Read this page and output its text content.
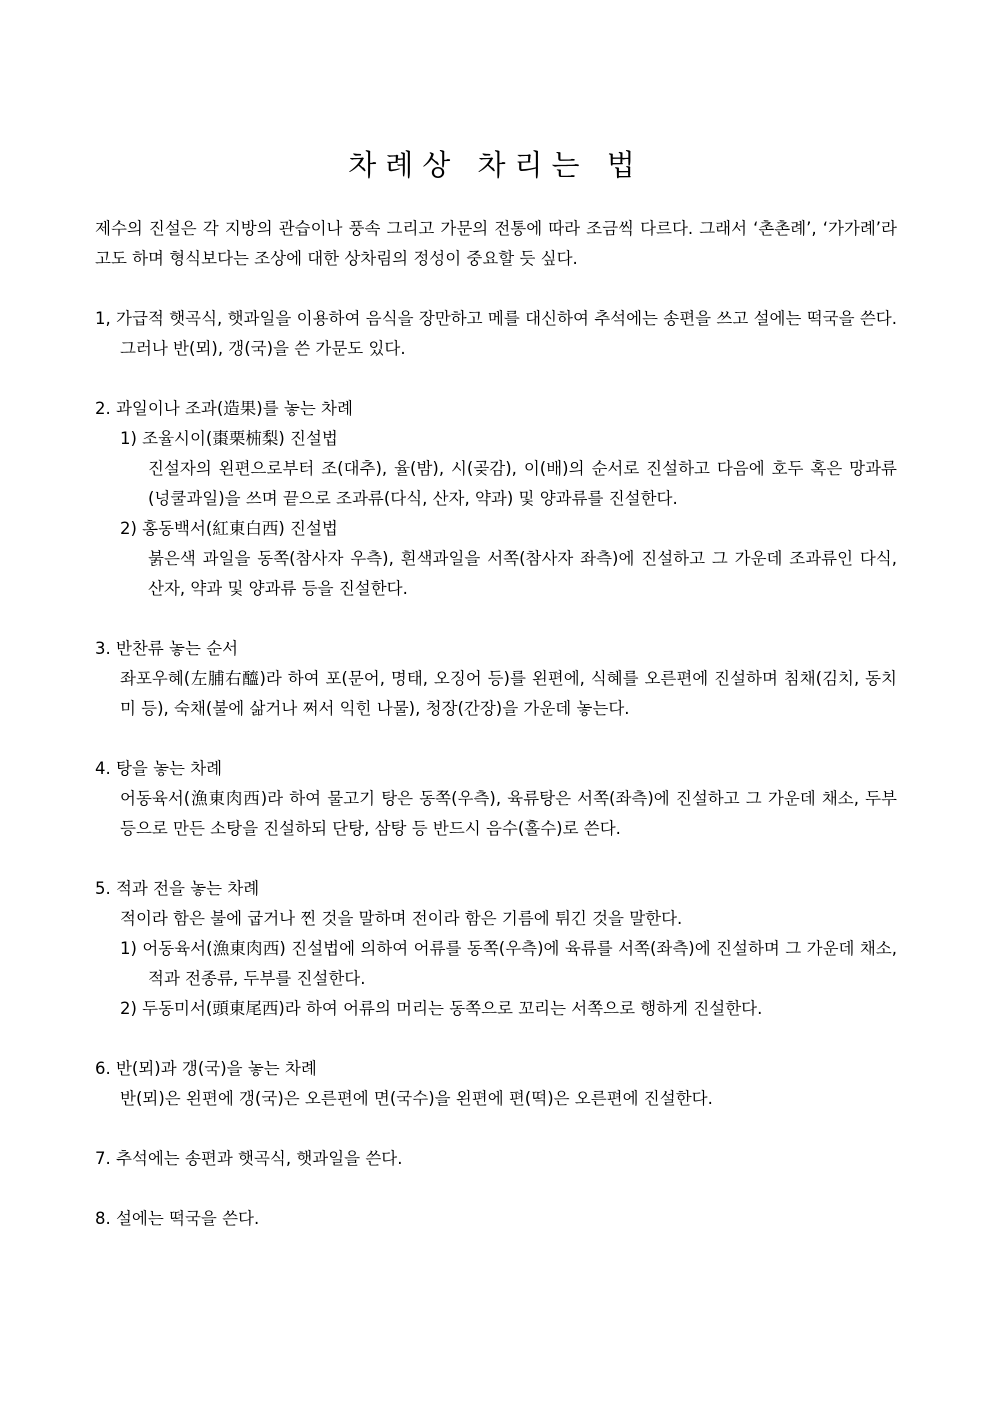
차례상 차리는 법

제수의 진설은 각 지방의 관습이나 풍속 그리고 가문의 전통에 따라 조금씩 다르다. 그래서 ‘촌촌례’, ‘가가례’라고도 하며 형식보다는 조상에 대한 상차림의 정성이 중요할 듯 싶다.

1, 가급적 햇곡식, 햇과일을 이용하여 음식을 장만하고 메를 대신하여 추석에는 송편을 쓰고 설에는 떡국을 쓴다. 그러나 반(뫼), 갱(국)을 쓴 가문도 있다.
2. 과일이나 조과(造果)를 놓는 차례
1) 조율시이(棗栗枾梨) 진설법
진설자의 왼편으로부터 조(대추), 율(밤), 시(곶감), 이(배)의 순서로 진설하고 다음에 호두 혹은 망과류(넝쿨과일)을 쓰며 끝으로 조과류(다식, 산자, 약과) 및 양과류를 진설한다.
2) 홍동백서(紅東白西) 진설법
붉은색 과일을 동쪽(참사자 우측), 흰색과일을 서쪽(참사자 좌측)에 진설하고 그 가운데 조과류인 다식, 산자, 약과 및 양과류 등을 진설한다.
3. 반찬류 놓는 순서
좌포우혜(左脯右醯)라 하여 포(문어, 명태, 오징어 등)를 왼편에, 식혜를 오른편에 진설하며 침채(김치, 동치미 등), 숙채(불에 삶거나 쩌서 익힌 나물), 청장(간장)을 가운데 놓는다.
4. 탕을 놓는 차례
어동육서(漁東肉西)라 하여 물고기 탕은 동쪽(우측), 육류탕은 서쪽(좌측)에 진설하고 그 가운데 채소, 두부 등으로 만든 소탕을 진설하되 단탕, 삼탕 등 반드시 음수(홀수)로 쓴다.
5. 적과 전을 놓는 차례
적이라 함은 불에 굽거나 찐 것을 말하며 전이라 함은 기름에 튀긴 것을 말한다.
1) 어동육서(漁東肉西) 진설법에 의하여 어류를 동쪽(우측)에 육류를 서쪽(좌측)에 진설하며 그 가운데 채소, 적과 전종류, 두부를 진설한다.
2) 두동미서(頭東尾西)라 하여 어류의 머리는 동쪽으로 꼬리는 서쪽으로 행하게 진설한다.
6. 반(뫼)과 갱(국)을 놓는 차례
반(뫼)은 왼편에 갱(국)은 오른편에 면(국수)을 왼편에 편(떡)은 오른편에 진설한다.
7. 추석에는 송편과 햇곡식, 햇과일을 쓴다.
8. 설에는 떡국을 쓴다.
